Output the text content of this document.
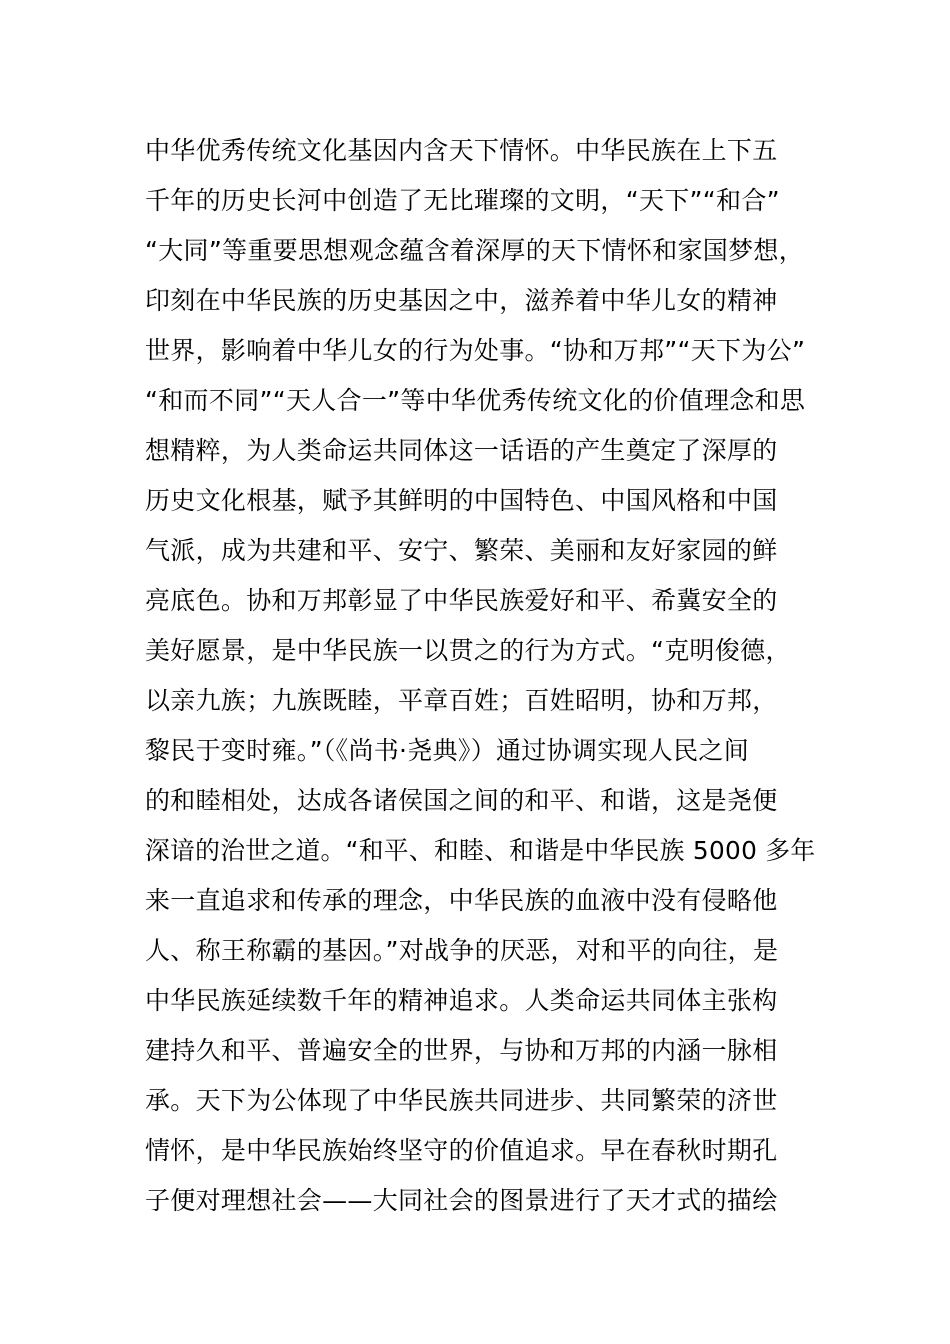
中华优秀传统文化基因内含天下情怀。中华民族在上下五
千年的历史长河中创造了无比璀璨的文明，“天下”“和合”
“大同”等重要思想观念蕴含着深厚的天下情怀和家国梦想，
印刻在中华民族的历史基因之中，滋养着中华儿女的精神
世界，影响着中华儿女的行为处事。“协和万邦”“天下为公”
“和而不同”“天人合一”等中华优秀传统文化的价值理念和思
想精粹，为人类命运共同体这一话语的产生奠定了深厚的
历史文化根基，赋予其鲜明的中国特色、中国风格和中国
气派，成为共建和平、安宁、繁荣、美丽和友好家园的鲜
亮底色。协和万邦彰显了中华民族爱好和平、希冀安全的
美好愿景，是中华民族一以贯之的行为方式。“克明俊德，
以亲九族；九族既睦，平章百姓；百姓昭明，协和万邦，
黎民于变时雍。”（《尚书·尧典》）通过协调实现人民之间
的和睦相处，达成各诸侯国之间的和平、和谐，这是尧便
深谙的治世之道。“和平、和睦、和谐是中华民族 5000 多年
来一直追求和传承的理念，中华民族的血液中没有侵略他
人、称王称霸的基因。”对战争的厌恶，对和平的向往，是
中华民族延续数千年的精神追求。人类命运共同体主张构
建持久和平、普遍安全的世界，与协和万邦的内涵一脉相
承。天下为公体现了中华民族共同进步、共同繁荣的济世
情怀，是中华民族始终坚守的价值追求。早在春秋时期孔
子便对理想社会——大同社会的图景进行了天才式的描绘
